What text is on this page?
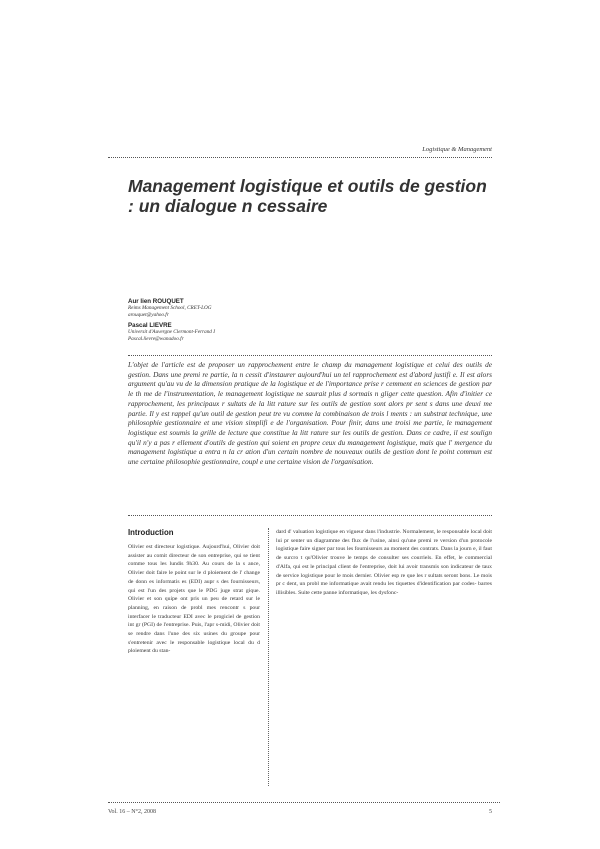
Logistique & Management
Management logistique et outils de gestion : un dialogue n cessaire
Aur lien ROUQUET
Reims Management School, CRET-LOG
arouquet@yahoo.fr
Pascal LIEVRE
Universit d'Auvergne Clermont-Ferrand I
Pascal.lievre@wanadoo.fr
L'objet de l'article est de proposer un rapprochement entre le champ du management logistique et celui des outils de gestion. Dans une premi re partie, la n cessit d'instaurer aujourd'hui un tel rapprochement est d'abord justifi e. Il est alors argument qu'au vu de la dimension pratique de la logistique et de l'importance prise r cemment en sciences de gestion par le th me de l'instrumentation, le management logistique ne saurait plus d sormais n gliger cette question. Afin d'initier ce rapprochement, les principaux r sultats de la litt rature sur les outils de gestion sont alors pr sent s dans une deuxi me partie. Il y est rappel qu'un outil de gestion peut tre vu comme la combinaison de trois l ments : un substrat technique, une philosophie gestionnaire et une vision simplifi e de l'organisation. Pour finir, dans une troisi me partie, le management logistique est soumis la grille de lecture que constitue la litt rature sur les outils de gestion. Dans ce cadre, il est soulign qu'il n'y a pas r ellement d'outils de gestion qui soient en propre ceux du management logistique, mais que l' mergence du management logistique a entra n la cr ation d'un certain nombre de nouveaux outils de gestion dont le point commun est une certaine philosophie gestionnaire, coupl e une certaine vision de l'organisation.
Introduction

Olivier est directeur logistique. Aujourd'hui, Olivier doit assister au comit directeur de son entreprise, qui se tient comme tous les lundis 9h30. Au cours de la s ance, Olivier doit faire le point sur le d ploiement de l' change de donn es informatis es (EDI) aupr s des fournisseurs, qui est l'un des projets que le PDG juge strat gique. Olivier et son quipe ont pris un peu de retard sur le planning, en raison de probl mes rencontr s pour interfacer le traducteur EDI avec le progiciel de gestion int gr (PGI) de l'entreprise. Puis, l'apr s-midi, Olivier doit se rendre dans l'une des six usines du groupe pour s'entretenir avec le responsable logistique local du d ploiement du stan-

dard d' valuation logistique en vigueur dans l'industrie. Normalement, le responsable local doit lui pr senter un diagramme des flux de l'usine, ainsi qu'une premi re version d'un protocole logistique faire signer par tous les fournisseurs au moment des contrats. Dans la journ e, il faut de surcro t qu'Olivier trouve le temps de consulter ses courriels. En effet, le commercial d'Alfa, qui est le principal client de l'entreprise, doit lui avoir transmis son indicateur de taux de service logistique pour le mois dernier. Olivier esp re que les r sultats seront bons. Le mois pr c dent, un probl me informatique avait rendu les tiquettes d'identification par codes- barres illisibles. Suite cette panne informatique, les dysfonc-

Vol. 16 – N°2, 2008	5
